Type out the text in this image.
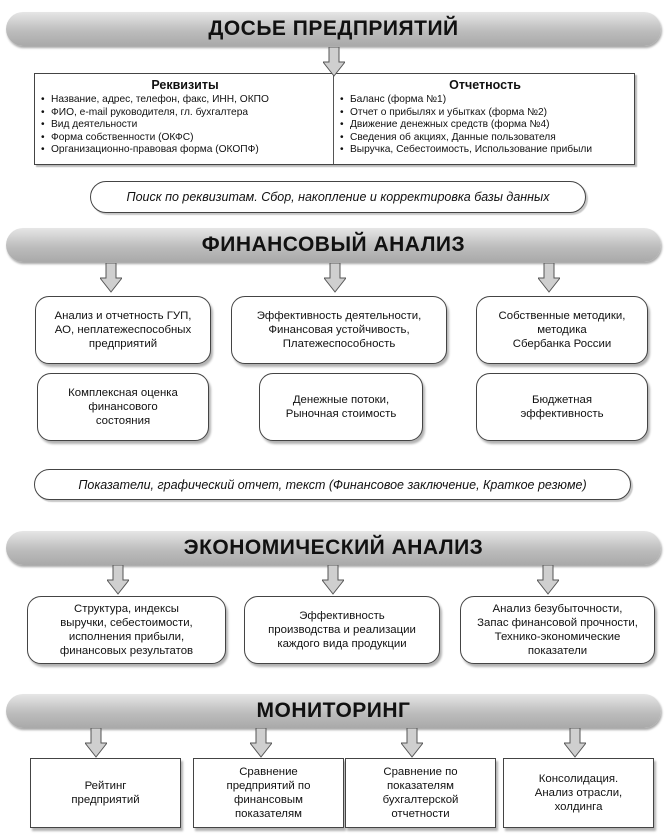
ДОСЬЕ ПРЕДПРИЯТИЙ
ФИНАНСОВЫЙ АНАЛИЗ
ЭКОНОМИЧЕСКИЙ АНАЛИЗ
МОНИТОРИНГ
Реквизиты
• Название, адрес, телефон, факс, ИНН, ОКПО
• ФИО, e-mail руководителя, гл. бухгалтера
• Вид деятельности
• Форма собственности (ОКФС)
• Организационно-правовая форма (ОКОПФ)
Отчетность
• Баланс (форма №1)
• Отчет о прибылях и убытках (форма №2)
• Движение денежных средств (форма №4)
• Сведения об акциях, Данные пользователя
• Выручка, Себестоимость, Использование прибыли
Поиск по реквизитам. Сбор, накопление и корректировка базы данных
Показатели, графический отчет, текст (Финансовое заключение, Краткое резюме)
Анализ и отчетность ГУП,
АО, неплатежеспособных
предприятий
Эффективность деятельности,
Финансовая устойчивость,
Платежеспособность
Собственные методики,
методика
Сбербанка России
Комплексная оценка
финансового
состояния
Денежные потоки,
Рыночная стоимость
Бюджетная
эффективность
Структура, индексы
выручки, себестоимости,
исполнения прибыли,
финансовых результатов
Эффективность
производства и реализации
каждого вида продукции
Анализ безубыточности,
Запас финансовой прочности,
Технико-экономические
показатели
Рейтинг
предприятий
Сравнение
предприятий по
финансовым
показателям
Сравнение по
показателям
бухгалтерской
отчетности
Консолидация.
Анализ отрасли,
холдинга
